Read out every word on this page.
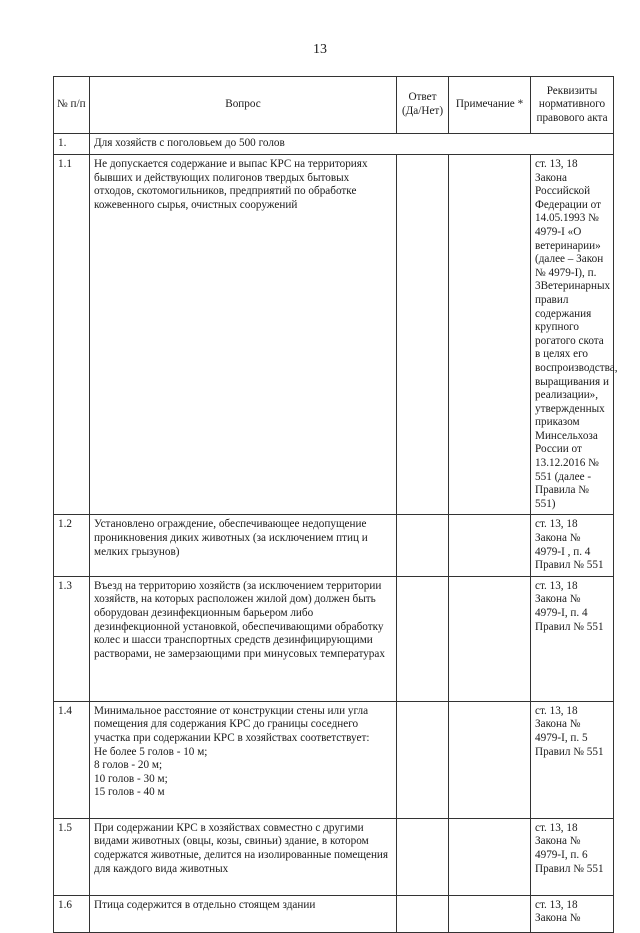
13
№ п/п	Вопрос	Ответ (Да/Нет)	Примечание *	Реквизиты нормативного правового акта
1.	Для хозяйств с поголовьем до 500 голов			
1.1	Не допускается содержание и выпас КРС на территориях бывших и действующих полигонов твердых бытовых отходов, скотомогильников, предприятий по обработке кожевенного сырья, очистных сооружений			ст. 13, 18 Закона Российской Федерации от 14.05.1993 № 4979-I «О ветеринарии» (далее – Закон № 4979-I), п. 3Ветеринарных правил содержания крупного рогатого скота в целях его воспроизводства, выращивания и реализации», утвержденных приказом Минсельхоза России от 13.12.2016 № 551 (далее - Правила № 551)
1.2	Установлено ограждение, обеспечивающее недопущение проникновения диких животных (за исключением птиц и мелких грызунов)			ст. 13, 18 Закона № 4979-I , п. 4 Правил № 551
1.3	Въезд на территорию хозяйств (за исключением территории хозяйств, на которых расположен жилой дом) должен быть оборудован дезинфекционным барьером либо дезинфекционной установкой, обеспечивающими обработку колес и шасси транспортных средств дезинфицирующими растворами, не замерзающими при минусовых температурах			ст. 13, 18 Закона № 4979-I, п. 4 Правил № 551
1.4	Минимальное расстояние от конструкции стены или угла помещения для содержания КРС до границы соседнего участка при содержании КРС в хозяйствах соответствует:
Не более 5 голов - 10 м;
8 голов - 20 м;
10 голов - 30 м;
15 голов - 40 м			ст. 13, 18 Закона № 4979-I, п. 5 Правил № 551
1.5	При содержании КРС в хозяйствах совместно с другими видами животных (овцы, козы, свиньи) здание, в котором содержатся животные, делится на изолированные помещения для каждого вида животных			ст. 13, 18 Закона № 4979-I, п. 6 Правил № 551
1.6	Птица содержится в отдельно стоящем здании			ст. 13, 18 Закона №
